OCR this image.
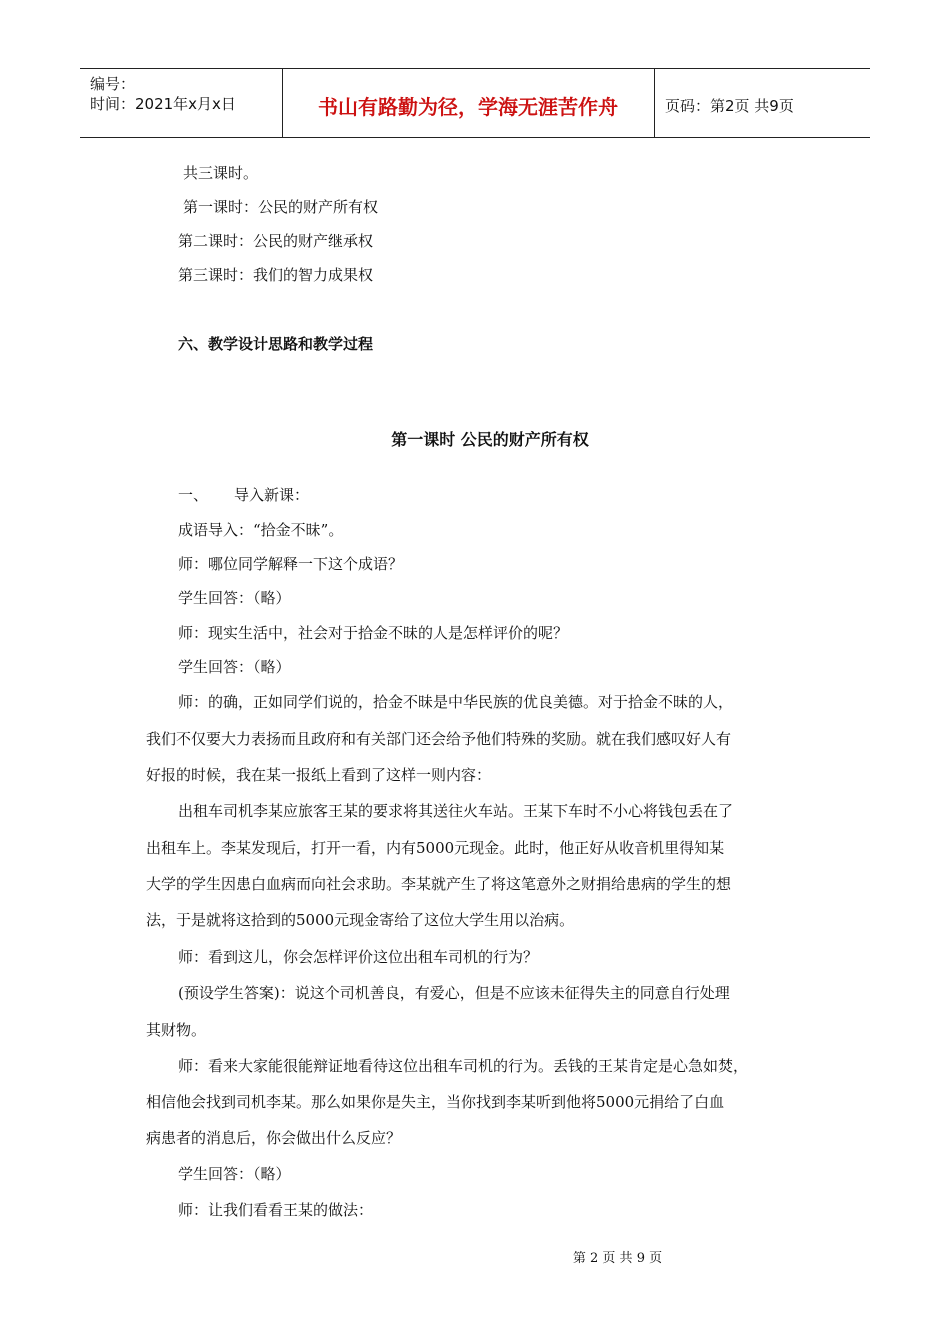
编号：
时间：2021年x月x日	书山有路勤为径，学海无涯苦作舟	页码：第2页 共9页
共三课时。
第一课时：公民的财产所有权
第二课时：公民的财产继承权
第三课时：我们的智力成果权
六、教学设计思路和教学过程
第一课时 公民的财产所有权
一、 导入新课：
成语导入：“拾金不昧”。
师：哪位同学解释一下这个成语？
学生回答：（略）
师：现实生活中，社会对于拾金不昧的人是怎样评价的呢？
学生回答：（略）
师：的确，正如同学们说的，拾金不昧是中华民族的优良美德。对于拾金不昧的人，
我们不仅要大力表扬而且政府和有关部门还会给予他们特殊的奖励。就在我们感叹好人有
好报的时候，我在某一报纸上看到了这样一则内容：
出租车司机李某应旅客王某的要求将其送往火车站。王某下车时不小心将钱包丢在了
出租车上。李某发现后，打开一看，内有5000元现金。此时，他正好从收音机里得知某
大学的学生因患白血病而向社会求助。李某就产生了将这笔意外之财捐给患病的学生的想
法，于是就将这拾到的5000元现金寄给了这位大学生用以治病。
师：看到这儿，你会怎样评价这位出租车司机的行为？
(预设学生答案)：说这个司机善良，有爱心，但是不应该未征得失主的同意自行处理
其财物。
师：看来大家能很能辩证地看待这位出租车司机的行为。丢钱的王某肯定是心急如焚，
相信他会找到司机李某。那么如果你是失主，当你找到李某听到他将5000元捐给了白血
病患者的消息后，你会做出什么反应？
学生回答：（略）
师：让我们看看王某的做法：
第 2 页 共 9 页
